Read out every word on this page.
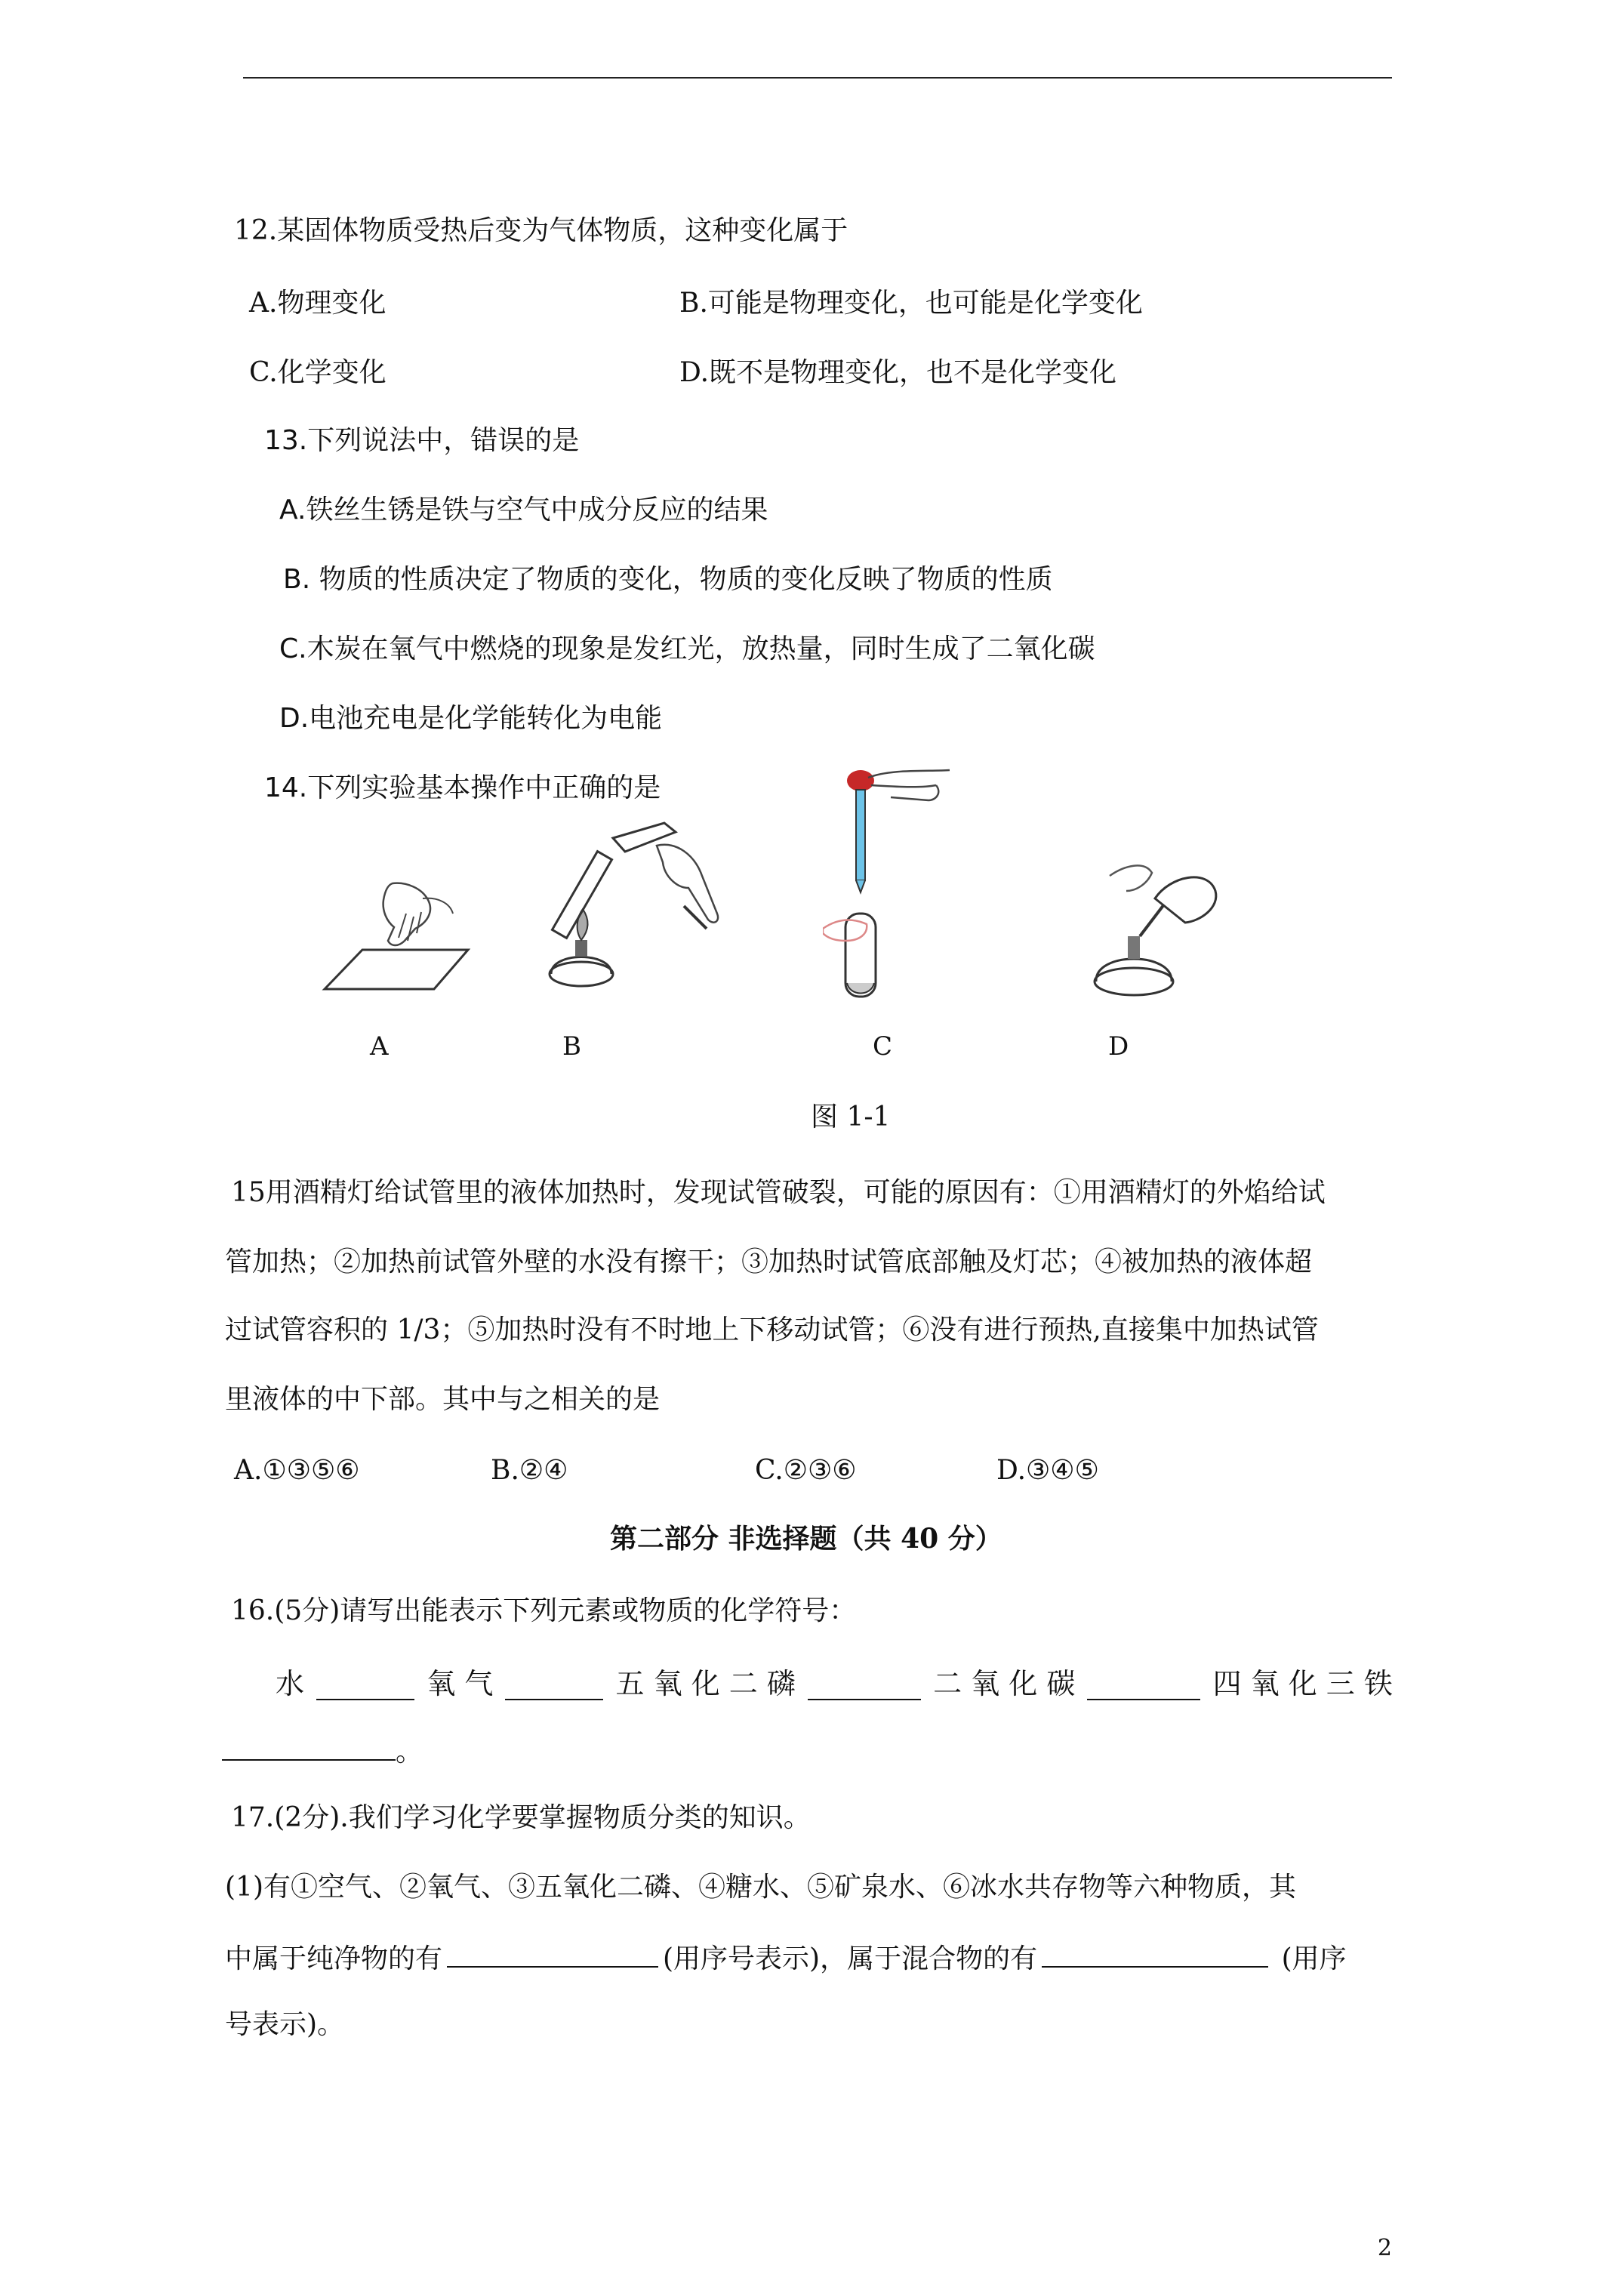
12.某固体物质受热后变为气体物质，这种变化属于
A.物理变化	B.可能是物理变化，也可能是化学变化
C.化学变化	D.既不是物理变化，也不是化学变化
13.下列说法中，错误的是
A.铁丝生锈是铁与空气中成分反应的结果
B. 物质的性质决定了物质的变化，物质的变化反映了物质的性质
C.木炭在氧气中燃烧的现象是发红光，放热量，同时生成了二氧化碳
D.电池充电是化学能转化为电能
14.下列实验基本操作中正确的是
A	B	C	D
图 1-1
15用酒精灯给试管里的液体加热时，发现试管破裂，可能的原因有：①用酒精灯的外焰给试
管加热；②加热前试管外壁的水没有擦干；③加热时试管底部触及灯芯；④被加热的液体超
过试管容积的 1/3；⑤加热时没有不时地上下移动试管；⑥没有进行预热,直接集中加热试管
里液体的中下部。其中与之相关的是
A.①③⑤⑥	B.②④	C.②③⑥	D.③④⑤
第二部分 非选择题（共 40 分）
16.(5分)请写出能表示下列元素或物质的化学符号：
水	氧 气	五 氧 化 二 磷	二 氧 化 碳	四 氧 化 三 铁
。
17.(2分).我们学习化学要掌握物质分类的知识。
(1)有①空气、②氧气、③五氧化二磷、④糖水、⑤矿泉水、⑥冰水共存物等六种物质，其
中属于纯净物的有	(用序号表示)，属于混合物的有	(用序
号表示)。
2
